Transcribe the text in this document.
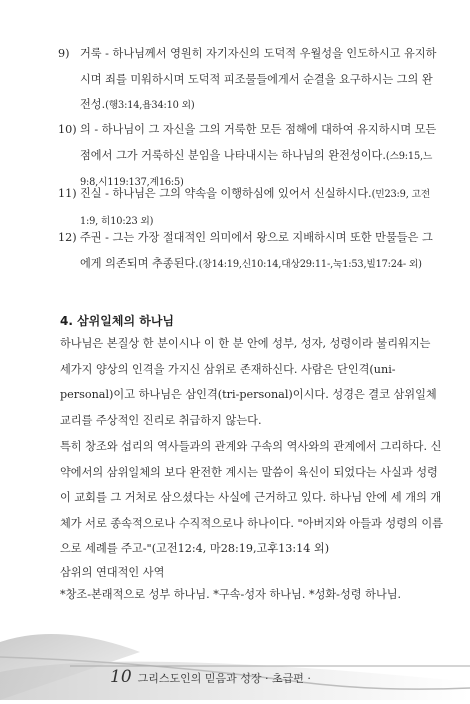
9) 거룩 - 하나님께서 영원히 자기자신의 도덕적 우월성을 인도하시고 유지하시며 죄를 미워하시며 도덕적 피조물들에게서 순결을 요구하시는 그의 완전성.(행3:14,욥34:10 외)
10) 의 - 하나님이 그 자신을 그의 거룩한 모든 점해에 대하여 유지하시며 모든 점에서 그가 거룩하신 분임을 나타내시는 하나님의 완전성이다.(스9:15,느9:8,시119:137,계16:5)
11) 진실 - 하나님은 그의 약속을 이행하심에 있어서 신실하시다.(민23:9, 고전1:9, 히10:23 외)
12) 주권 - 그는 가장 절대적인 의미에서 왕으로 지배하시며 또한 만물들은 그에게 의존되며 추종된다.(창14:19,신10:14,대상29:11-,눅1:53,빌17:24- 외)
4. 삼위일체의 하나님

하나님은 본질상 한 분이시나 이 한 분 안에 성부, 성자, 성령이라 불리워지는 세가지 양상의 인격을 가지신 삼위로 존재하신다. 사람은 단인격(uni-personal)이고 하나님은 삼인격(tri-personal)이시다. 성경은 결코 삼위일체 교리를 주상적인 진리로 취급하지 않는다.

특히 창조와 섭리의 역사들과의 관계와 구속의 역사와의 관계에서 그리하다. 신약에서의 삼위일체의 보다 완전한 계시는 말씀이 육신이 되었다는 사실과 성령이 교회를 그 거처로 삼으셨다는 사실에 근거하고 있다. 하나님 안에 세 개의 개체가 서로 종속적으로나 수직적으로나 하나이다. "아버지와 아들과 성령의 이름으로 세례를 주고-"(고전12:4, 마28:19,고후13:14 외)

삼위의 연대적인 사역

*창조-본래적으로 성부 하나님. *구속-성자 하나님. *성화-성령 하나님.

10 그리스도인의 믿음과 성장 · 초급편 ·
